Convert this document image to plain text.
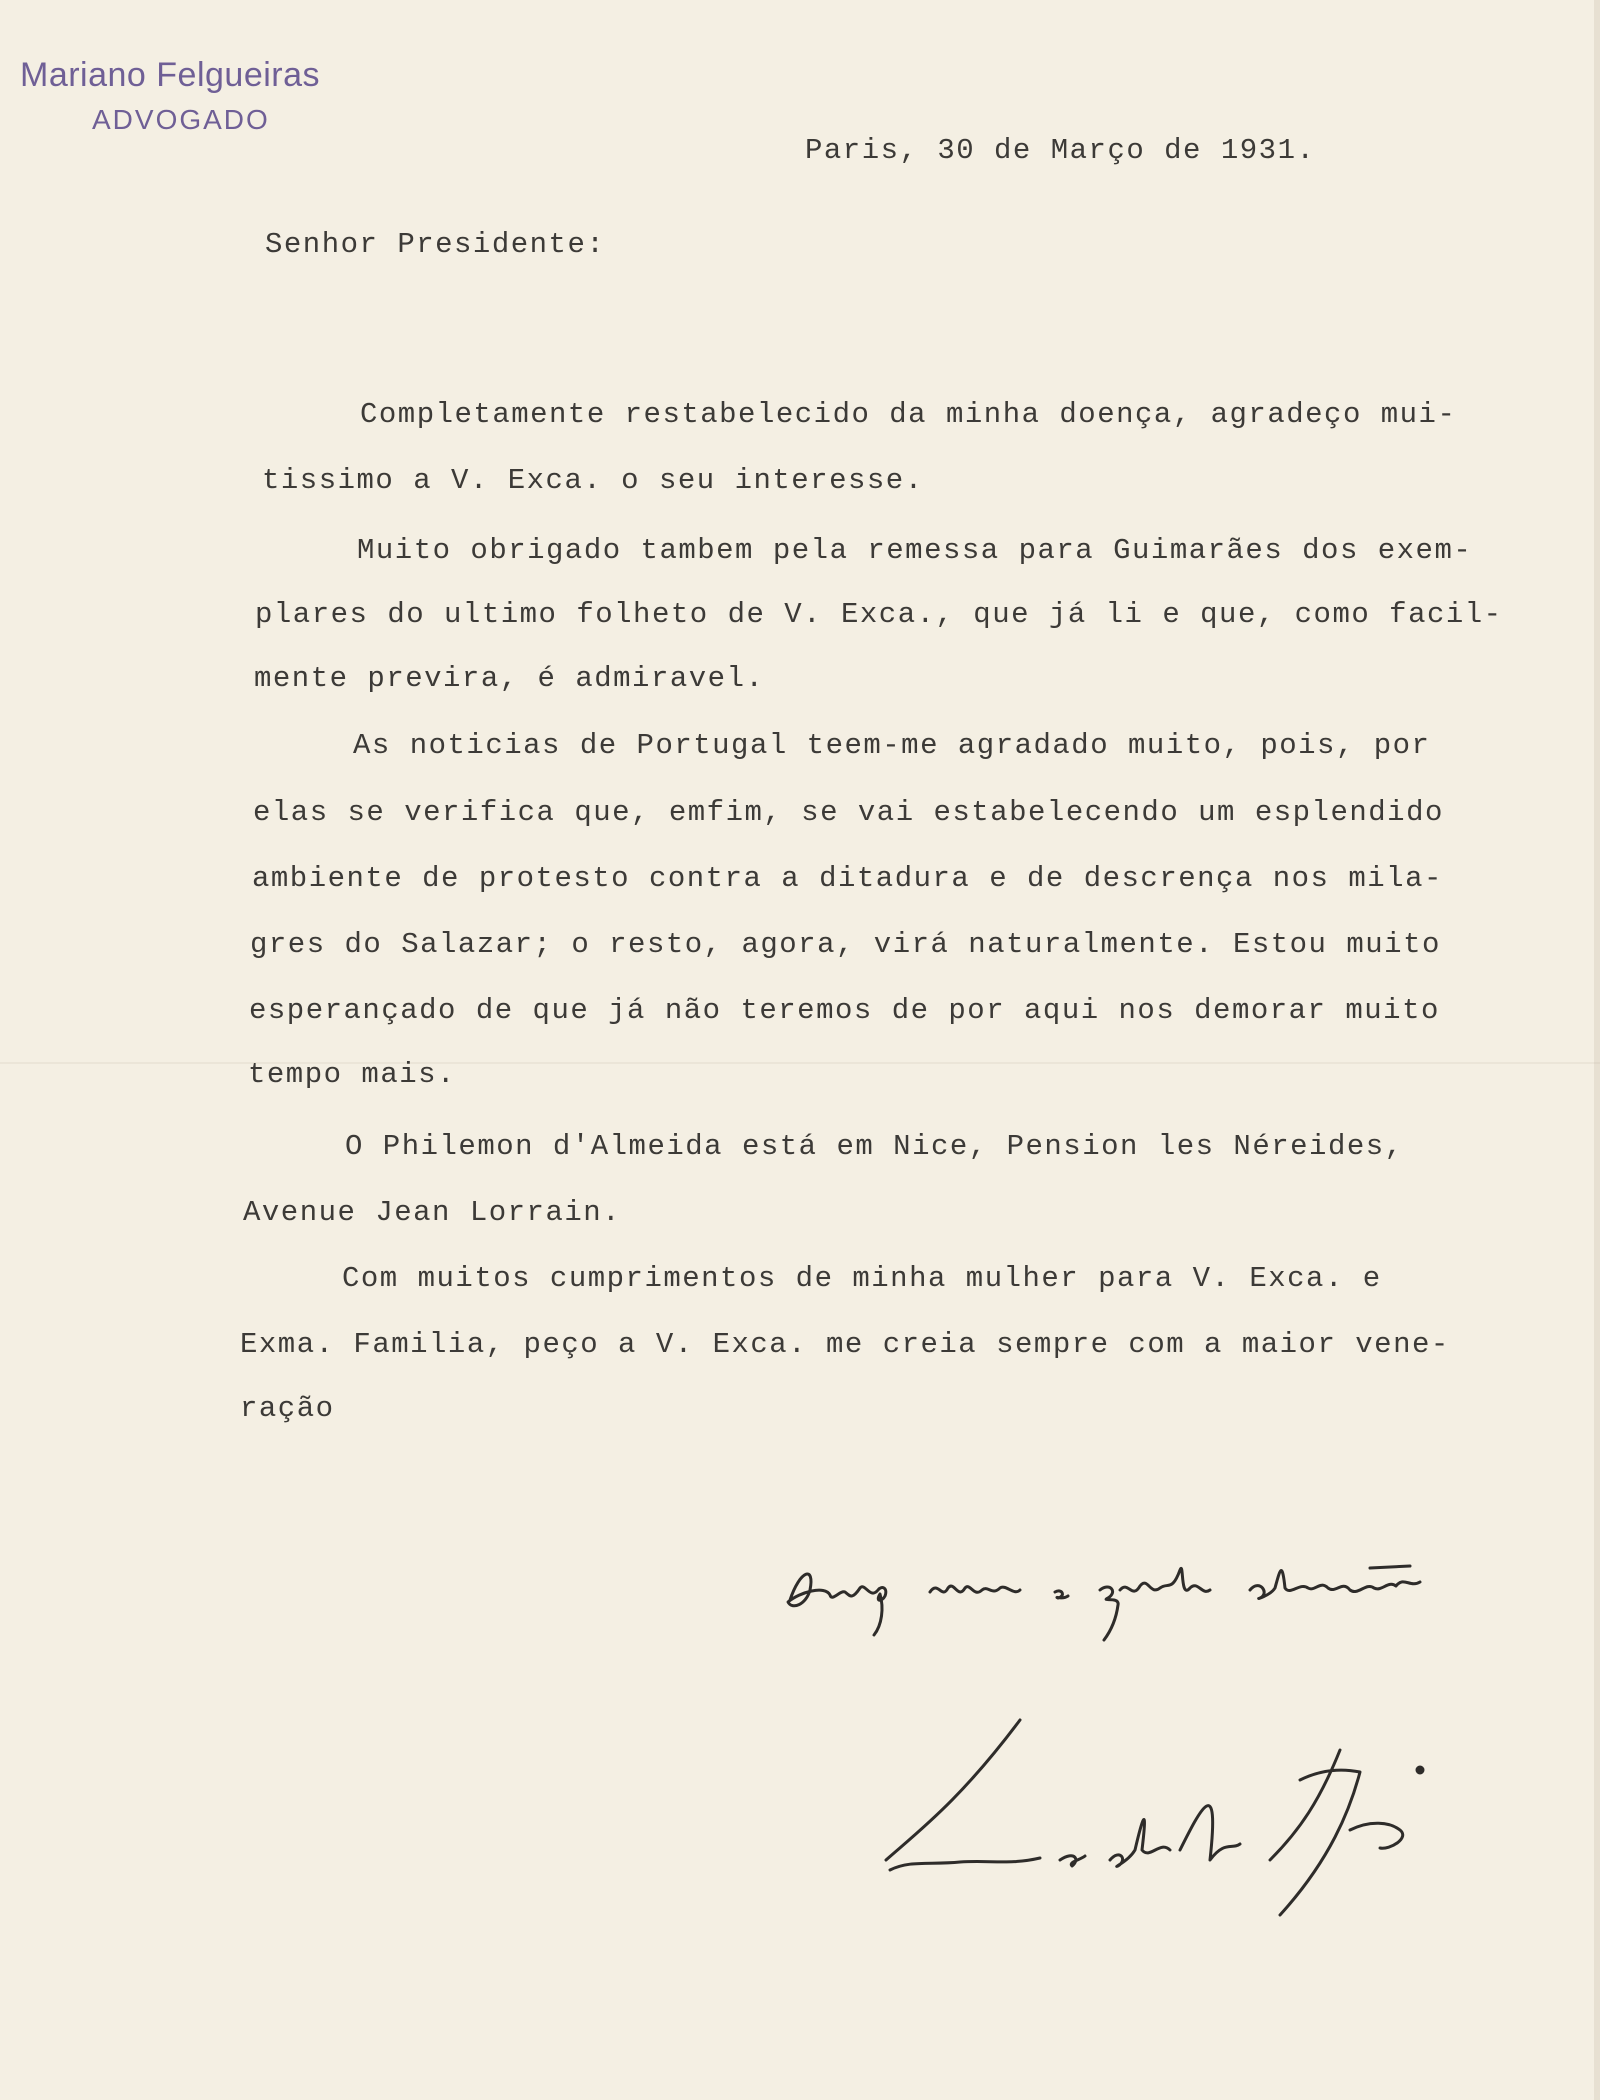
Mariano Felgueiras
ADVOGADO
Paris, 30 de Março de 1931.
Senhor Presidente:
Completamente restabelecido da minha doença, agradeço mui-
tissimo a V. Exca. o seu interesse.
Muito obrigado tambem pela remessa para Guimarães dos exem-
plares do ultimo folheto de V. Exca., que já li e que, como facil-
mente previra, é admiravel.
As noticias de Portugal teem-me agradado muito, pois, por
elas se verifica que, emfim, se vai estabelecendo um esplendido
ambiente de protesto contra a ditadura e de descrença nos mila-
gres do Salazar; o resto, agora, virá naturalmente. Estou muito
esperançado de que já não teremos de por aqui nos demorar muito
tempo mais.
O Philemon d'Almeida está em Nice, Pension les Néreides,
Avenue Jean Lorrain.
Com muitos cumprimentos de minha mulher para V. Exca. e
Exma. Familia, peço a V. Exca. me creia sempre com a maior vene-
ração
